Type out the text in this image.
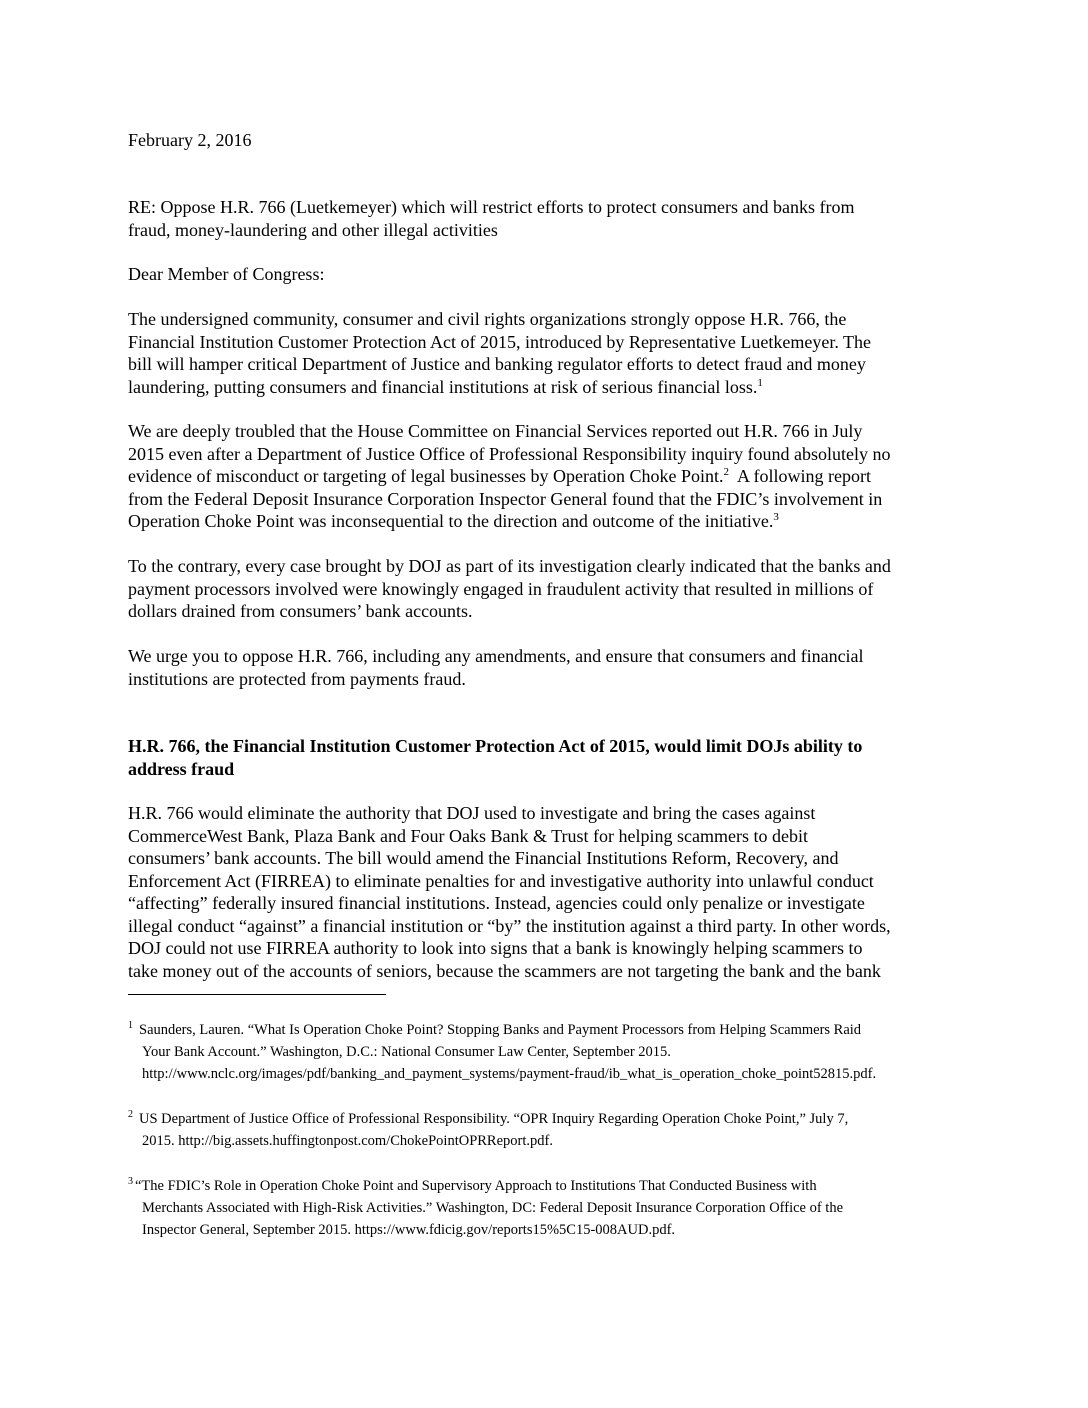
February 2, 2016

RE: Oppose H.R. 766 (Luetkemeyer) which will restrict efforts to protect consumers and banks from
fraud, money-laundering and other illegal activities

Dear Member of Congress:

The undersigned community, consumer and civil rights organizations strongly oppose H.R. 766, the
Financial Institution Customer Protection Act of 2015, introduced by Representative Luetkemeyer. The
bill will hamper critical Department of Justice and banking regulator efforts to detect fraud and money
laundering, putting consumers and financial institutions at risk of serious financial loss.$^1$

We are deeply troubled that the House Committee on Financial Services reported out H.R. 766 in July
2015 even after a Department of Justice Office of Professional Responsibility inquiry found absolutely no
evidence of misconduct or targeting of legal businesses by Operation Choke Point.$^2$  A following report
from the Federal Deposit Insurance Corporation Inspector General found that the FDIC’s involvement in
Operation Choke Point was inconsequential to the direction and outcome of the initiative.$^3$

To the contrary, every case brought by DOJ as part of its investigation clearly indicated that the banks and
payment processors involved were knowingly engaged in fraudulent activity that resulted in millions of
dollars drained from consumers’ bank accounts.

We urge you to oppose H.R. 766, including any amendments, and ensure that consumers and financial
institutions are protected from payments fraud.

H.R. 766, the Financial Institution Customer Protection Act of 2015, would limit DOJs ability to
address fraud

H.R. 766 would eliminate the authority that DOJ used to investigate and bring the cases against
CommerceWest Bank, Plaza Bank and Four Oaks Bank & Trust for helping scammers to debit
consumers’ bank accounts. The bill would amend the Financial Institutions Reform, Recovery, and
Enforcement Act (FIRREA) to eliminate penalties for and investigative authority into unlawful conduct
“affecting” federally insured financial institutions. Instead, agencies could only penalize or investigate
illegal conduct “against” a financial institution or “by” the institution against a third party. In other words,
DOJ could not use FIRREA authority to look into signs that a bank is knowingly helping scammers to
take money out of the accounts of seniors, because the scammers are not targeting the bank and the bank

$^1$ Saunders, Lauren. “What Is Operation Choke Point? Stopping Banks and Payment Processors from Helping Scammers Raid
Your Bank Account.” Washington, D.C.: National Consumer Law Center, September 2015.
http://www.nclc.org/images/pdf/banking_and_payment_systems/payment-fraud/ib_what_is_operation_choke_point52815.pdf.
$^2$ US Department of Justice Office of Professional Responsibility. “OPR Inquiry Regarding Operation Choke Point,” July 7,
2015. http://big.assets.huffingtonpost.com/ChokePointOPRReport.pdf.
$^3$ “The FDIC’s Role in Operation Choke Point and Supervisory Approach to Institutions That Conducted Business with
Merchants Associated with High-Risk Activities.” Washington, DC: Federal Deposit Insurance Corporation Office of the
Inspector General, September 2015. https://www.fdicig.gov/reports15%5C15-008AUD.pdf.
